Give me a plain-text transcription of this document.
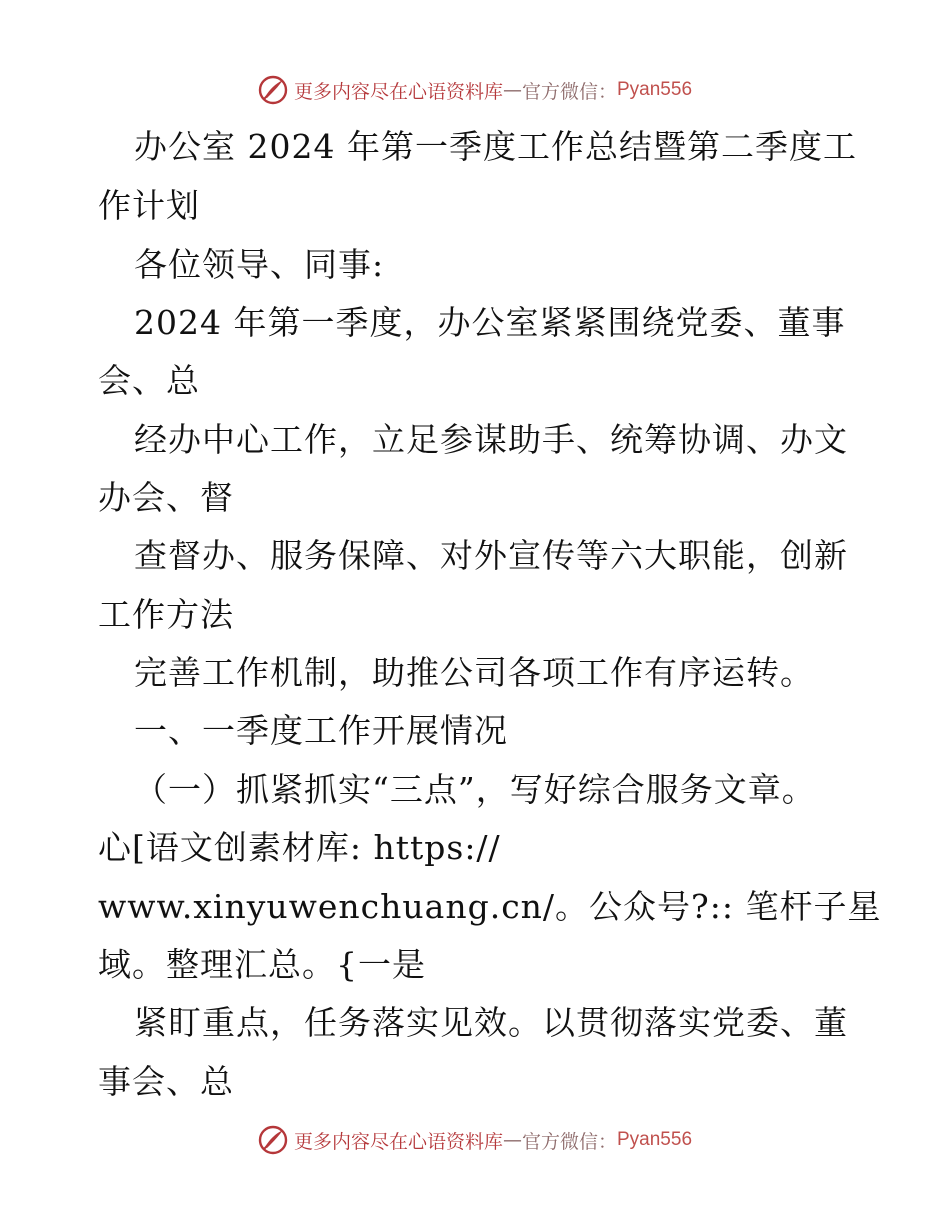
更多内容尽在心语资料库 — 官方微信： Pyan556
办公室 2024 年第一季度工作总结暨第二季度工
作计划
各位领导、同事:
2024 年第一季度，办公室紧紧围绕党委、董事
会、总
经办中心工作，立足参谋助手、统筹协调、办文
办会、督
查督办、服务保障、对外宣传等六大职能，创新
工作方法
完善工作机制，助推公司各项工作有序运转。
一、一季度工作开展情况
（一）抓紧抓实“三点”，写好综合服务文章。
心[语文创素材库: https://
www.xinyuwenchuang.cn/。公众号?:: 笔杆子星
域。整理汇总。{一是
紧盯重点，任务落实见效。以贯彻落实党委、董
事会、总
更多内容尽在心语资料库 — 官方微信： Pyan556
